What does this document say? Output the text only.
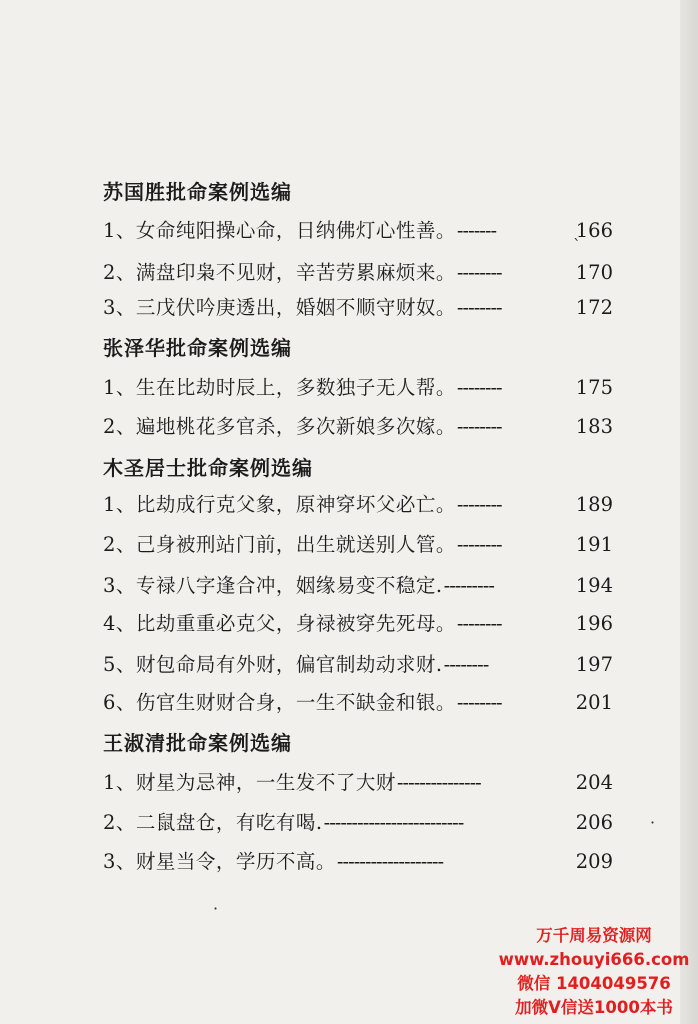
苏国胜批命案例选编
1、女命纯阳操心命，日纳佛灯心性善。 -------	166
2、满盘印枭不见财，辛苦劳累麻烦来。 --------	170
3、三戊伏吟庚透出，婚姻不顺守财奴。 --------	172
张泽华批命案例选编
1、生在比劫时辰上，多数独子无人帮。 --------	175
2、遍地桃花多官杀，多次新娘多次嫁。 --------	183
木圣居士批命案例选编
1、比劫成行克父象，原神穿坏父必亡。 --------	189
2、己身被刑站门前，出生就送别人管。 --------	191
3、专禄八字逢合冲，姻缘易变不稳定. ---------	194
4、比劫重重必克父，身禄被穿先死母。 --------	196
5、财包命局有外财，偏官制劫动求财. --------	197
6、伤官生财财合身，一生不缺金和银。 --------	201
王淑清批命案例选编
1、财星为忌神，一生发不了大财 ---------------	204
2、二鼠盘仓，有吃有喝. -------------------------	206
3、财星当令，学历不高。 -------------------	209
`
·
·
万千周易资源网
www.zhouyi666.com
微信 1404049576
加微V信送1000本书
